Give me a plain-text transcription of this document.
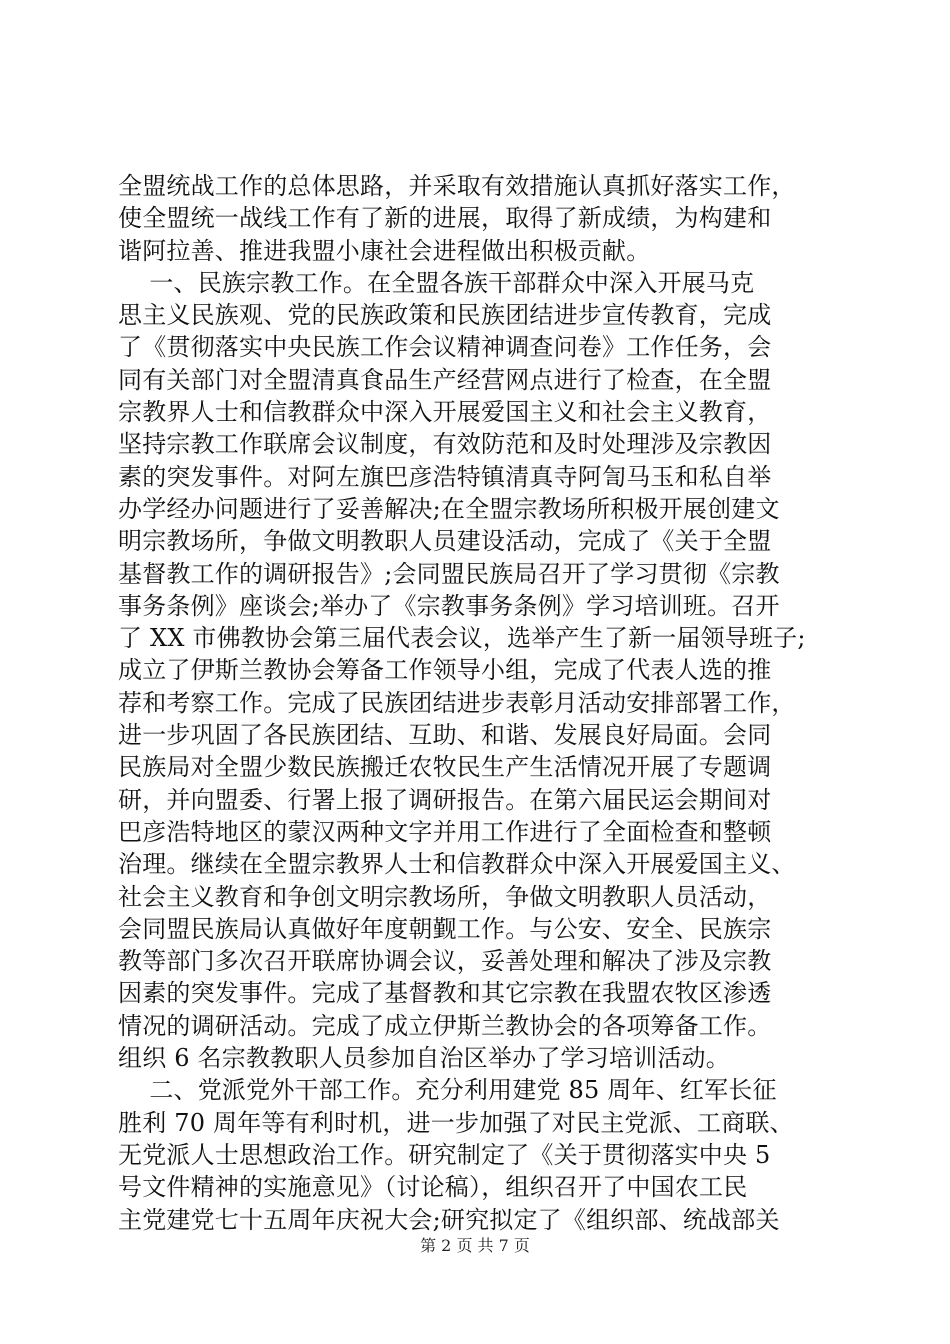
全盟统战工作的总体思路，并采取有效措施认真抓好落实工作，
使全盟统一战线工作有了新的进展，取得了新成绩，为构建和
谐阿拉善、推进我盟小康社会进程做出积极贡献。
一、民族宗教工作。在全盟各族干部群众中深入开展马克
思主义民族观、党的民族政策和民族团结进步宣传教育，完成
了《贯彻落实中央民族工作会议精神调查问卷》工作任务，会
同有关部门对全盟清真食品生产经营网点进行了检查，在全盟
宗教界人士和信教群众中深入开展爱国主义和社会主义教育，
坚持宗教工作联席会议制度，有效防范和及时处理涉及宗教因
素的突发事件。对阿左旗巴彦浩特镇清真寺阿訇马玉和私自举
办学经办问题进行了妥善解决;在全盟宗教场所积极开展创建文
明宗教场所，争做文明教职人员建设活动，完成了《关于全盟
基督教工作的调研报告》;会同盟民族局召开了学习贯彻《宗教
事务条例》座谈会;举办了《宗教事务条例》学习培训班。召开
了 XX 市佛教协会第三届代表会议，选举产生了新一届领导班子;
成立了伊斯兰教协会筹备工作领导小组，完成了代表人选的推
荐和考察工作。完成了民族团结进步表彰月活动安排部署工作，
进一步巩固了各民族团结、互助、和谐、发展良好局面。会同
民族局对全盟少数民族搬迁农牧民生产生活情况开展了专题调
研，并向盟委、行署上报了调研报告。在第六届民运会期间对
巴彦浩特地区的蒙汉两种文字并用工作进行了全面检查和整顿
治理。继续在全盟宗教界人士和信教群众中深入开展爱国主义、
社会主义教育和争创文明宗教场所，争做文明教职人员活动，
会同盟民族局认真做好年度朝觐工作。与公安、安全、民族宗
教等部门多次召开联席协调会议，妥善处理和解决了涉及宗教
因素的突发事件。完成了基督教和其它宗教在我盟农牧区渗透
情况的调研活动。完成了成立伊斯兰教协会的各项筹备工作。
组织 6 名宗教教职人员参加自治区举办了学习培训活动。
二、党派党外干部工作。充分利用建党 85 周年、红军长征
胜利 70 周年等有利时机，进一步加强了对民主党派、工商联、
无党派人士思想政治工作。研究制定了《关于贯彻落实中央 5
号文件精神的实施意见》（讨论稿），组织召开了中国农工民
主党建党七十五周年庆祝大会;研究拟定了《组织部、统战部关
第 2 页 共 7 页
